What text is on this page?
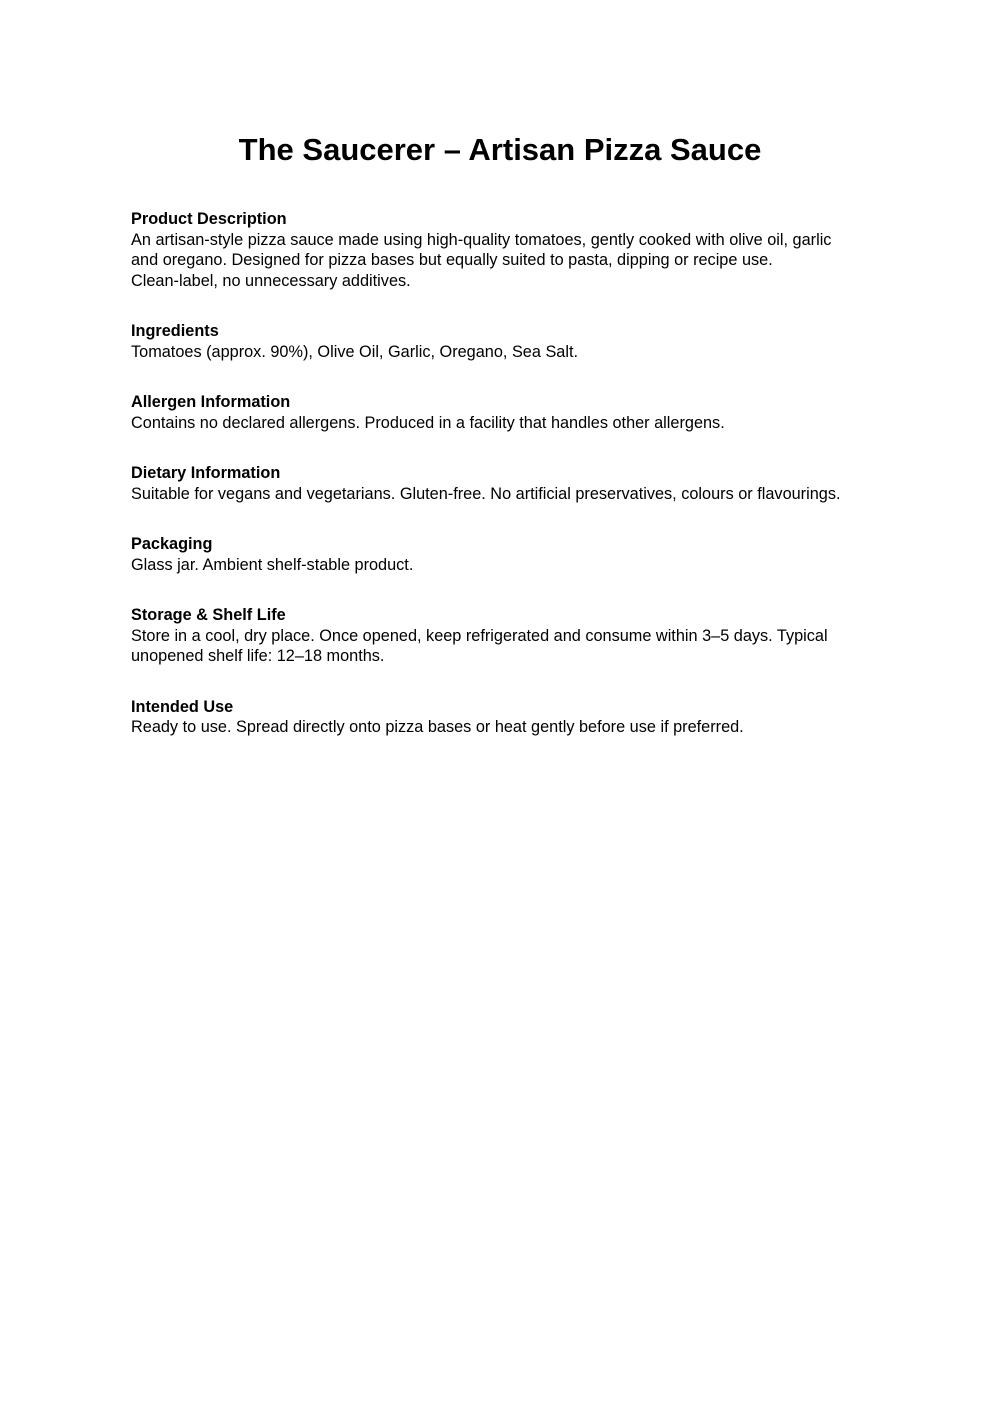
The Saucerer – Artisan Pizza Sauce

Product Description

An artisan-style pizza sauce made using high-quality tomatoes, gently cooked with olive oil, garlic
and oregano. Designed for pizza bases but equally suited to pasta, dipping or recipe use.
Clean-label, no unnecessary additives.

Ingredients

Tomatoes (approx. 90%), Olive Oil, Garlic, Oregano, Sea Salt.

Allergen Information

Contains no declared allergens. Produced in a facility that handles other allergens.

Dietary Information

Suitable for vegans and vegetarians. Gluten-free. No artificial preservatives, colours or flavourings.

Packaging

Glass jar. Ambient shelf-stable product.

Storage & Shelf Life

Store in a cool, dry place. Once opened, keep refrigerated and consume within 3–5 days. Typical
unopened shelf life: 12–18 months.

Intended Use

Ready to use. Spread directly onto pizza bases or heat gently before use if preferred.
